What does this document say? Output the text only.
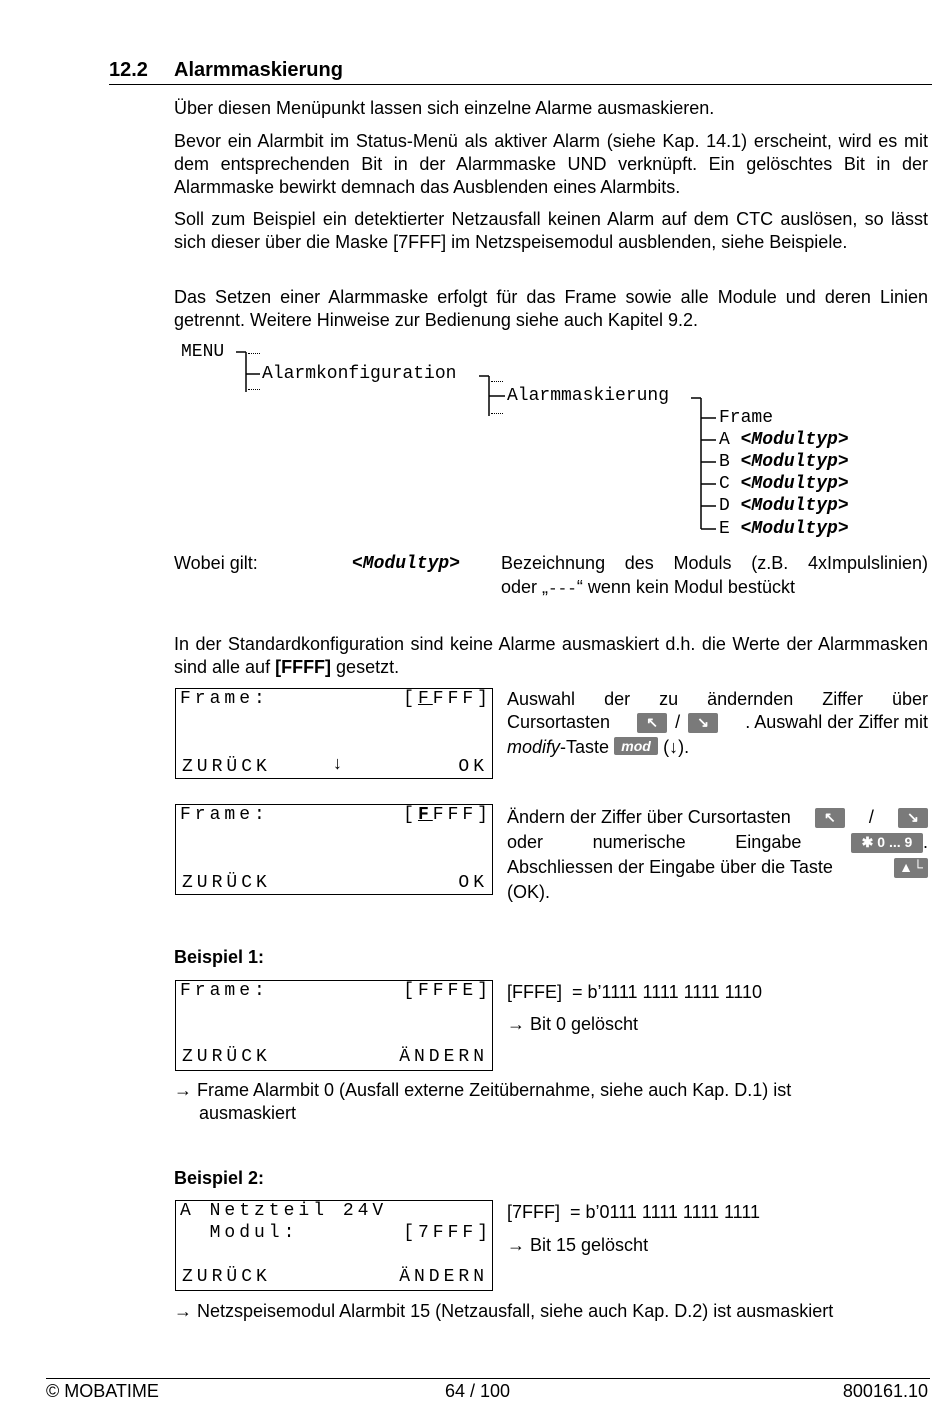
12.2 Alarmmaskierung
Über diesen Menüpunkt lassen sich einzelne Alarme ausmaskieren.
Bevor ein Alarmbit im Status-Menü als aktiver Alarm (siehe Kap. 14.1) erscheint, wird es mit dem entsprechenden Bit in der Alarmmaske UND verknüpft. Ein gelöschtes Bit in der Alarmmaske bewirkt demnach das Ausblenden eines Alarmbits.
Soll zum Beispiel ein detektierter Netzausfall keinen Alarm auf dem CTC auslösen, so lässt sich dieser über die Maske [7FFF] im Netzspeisemodul ausblenden, siehe Beispiele.
Das Setzen einer Alarmmaske erfolgt für das Frame sowie alle Module und deren Linien getrennt. Weitere Hinweise zur Bedienung siehe auch Kapitel 9.2.
MENU
Alarmkonfiguration
Alarmmaskierung
Frame
A <Modultyp>
B <Modultyp>
C <Modultyp>
D <Modultyp>
E <Modultyp>
Wobei gilt:	<Modultyp> Bezeichnung des Moduls (z.B. 4xImpulslinien)
oder „---“ wenn kein Modul bestückt
In der Standardkonfiguration sind keine Alarme ausmaskiert d.h. die Werte der Alarmmasken sind alle auf [FFFF] gesetzt.
Frame:	[FFFF]
ZURÜCK	↓	OK
Auswahl der zu ändernden Ziffer über
Cursortasten	↖ /	↘	. Auswahl der Ziffer mit
modify-Taste mod (↓).
Frame:	[FFFF]
ZURÜCK	OK
Ändern der Ziffer über Cursortasten	↖	/	↘
oder	numerische	Eingabe	✱ 0 ... 9 .
Abschliessen der Eingabe über die Taste	▲└
(OK).
Beispiel 1:
Frame:	[FFFE]
ZURÜCK	ÄNDERN
[FFFE]  = b’1111 1111 1111 1110
→ Bit 0 gelöscht
→ Frame Alarmbit 0 (Ausfall externe Zeitübernahme, siehe auch Kap. D.1) ist
ausmaskiert
Beispiel 2:
A Netzteil 24V
Modul:	[7FFF]
ZURÜCK	ÄNDERN
[7FFF]  = b’0111 1111 1111 1111
→ Bit 15 gelöscht
→ Netzspeisemodul Alarmbit 15 (Netzausfall, siehe auch Kap. D.2) ist ausmaskiert
© MOBATIME	64 / 100	800161.10
